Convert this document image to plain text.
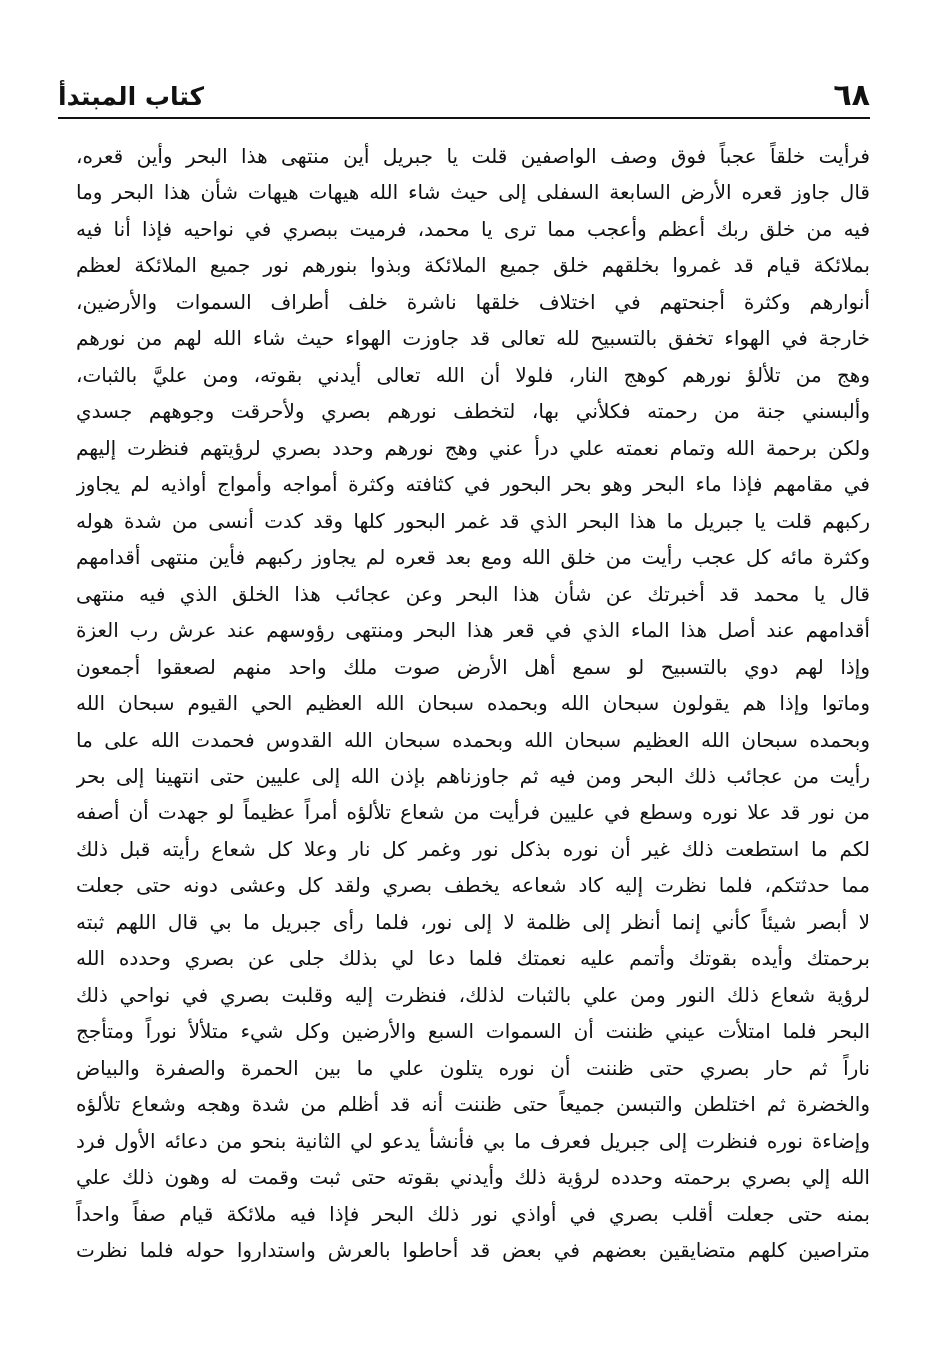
٦٨
كتاب المبتدأ
فرأيت خلقاً عجباً فوق وصف الواصفين قلت يا جبريل أين منتهى هذا البحر وأين قعره،
قال جاوز قعره الأرض السابعة السفلى إلى حيث شاء الله هيهات هيهات شأن هذا البحر وما
فيه من خلق ربك أعظم وأعجب مما ترى يا محمد، فرميت ببصري في نواحيه فإذا أنا فيه
بملائكة قيام قد غمروا بخلقهم خلق جميع الملائكة وبذوا بنورهم نور جميع الملائكة لعظم
أنوارهم وكثرة أجنحتهم في اختلاف خلقها ناشرة خلف أطراف السموات والأرضين،
خارجة في الهواء تخفق بالتسبيح لله تعالى قد جاوزت الهواء حيث شاء الله لهم من نورهم
وهج من تلألؤ نورهم كوهج النار، فلولا أن الله تعالى أيدني بقوته، ومن عليَّ بالثبات،
وألبسني جنة من رحمته فكلأني بها، لتخطف نورهم بصري ولأحرقت وجوههم جسدي
ولكن برحمة الله وتمام نعمته علي درأ عني وهج نورهم وحدد بصري لرؤيتهم فنظرت إليهم
في مقامهم فإذا ماء البحر وهو بحر البحور في كثافته وكثرة أمواجه وأمواج أواذيه لم يجاوز
ركبهم قلت يا جبريل ما هذا البحر الذي قد غمر البحور كلها وقد كدت أنسى من شدة هوله
وكثرة مائه كل عجب رأيت من خلق الله ومع بعد قعره لم يجاوز ركبهم فأين منتهى أقدامهم
قال يا محمد قد أخبرتك عن شأن هذا البحر وعن عجائب هذا الخلق الذي فيه منتهى
أقدامهم عند أصل هذا الماء الذي في قعر هذا البحر ومنتهى رؤوسهم عند عرش رب العزة
وإذا لهم دوي بالتسبيح لو سمع أهل الأرض صوت ملك واحد منهم لصعقوا أجمعون
وماتوا وإذا هم يقولون سبحان الله وبحمده سبحان الله العظيم الحي القيوم سبحان الله
وبحمده سبحان الله العظيم سبحان الله وبحمده سبحان الله القدوس فحمدت الله على ما
رأيت من عجائب ذلك البحر ومن فيه ثم جاوزناهم بإذن الله إلى عليين حتى انتهينا إلى بحر
من نور قد علا نوره وسطع في عليين فرأيت من شعاع تلألؤه أمراً عظيماً لو جهدت أن أصفه
لكم ما استطعت ذلك غير أن نوره بذكل نور وغمر كل نار وعلا كل شعاع رأيته قبل ذلك
مما حدثتكم، فلما نظرت إليه كاد شعاعه يخطف بصري ولقد كل وعشى دونه حتى جعلت
لا أبصر شيئاً كأني إنما أنظر إلى ظلمة لا إلى نور، فلما رأى جبريل ما بي قال اللهم ثبته
برحمتك وأيده بقوتك وأتمم عليه نعمتك فلما دعا لي بذلك جلى عن بصري وحدده الله
لرؤية شعاع ذلك النور ومن علي بالثبات لذلك، فنظرت إليه وقلبت بصري في نواحي ذلك
البحر فلما امتلأت عيني ظننت أن السموات السبع والأرضين وكل شيء متلألأ نوراً ومتأجج
ناراً ثم حار بصري حتى ظننت أن نوره يتلون علي ما بين الحمرة والصفرة والبياض
والخضرة ثم اختلطن والتبسن جميعاً حتى ظننت أنه قد أظلم من شدة وهجه وشعاع تلألؤه
وإضاءة نوره فنظرت إلى جبريل فعرف ما بي فأنشأ يدعو لي الثانية بنحو من دعائه الأول فرد
الله إلي بصري برحمته وحدده لرؤية ذلك وأيدني بقوته حتى ثبت وقمت له وهون ذلك علي
بمنه حتى جعلت أقلب بصري في أواذي نور ذلك البحر فإذا فيه ملائكة قيام صفاً واحداً
متراصين كلهم متضايقين بعضهم في بعض قد أحاطوا بالعرش واستداروا حوله فلما نظرت
